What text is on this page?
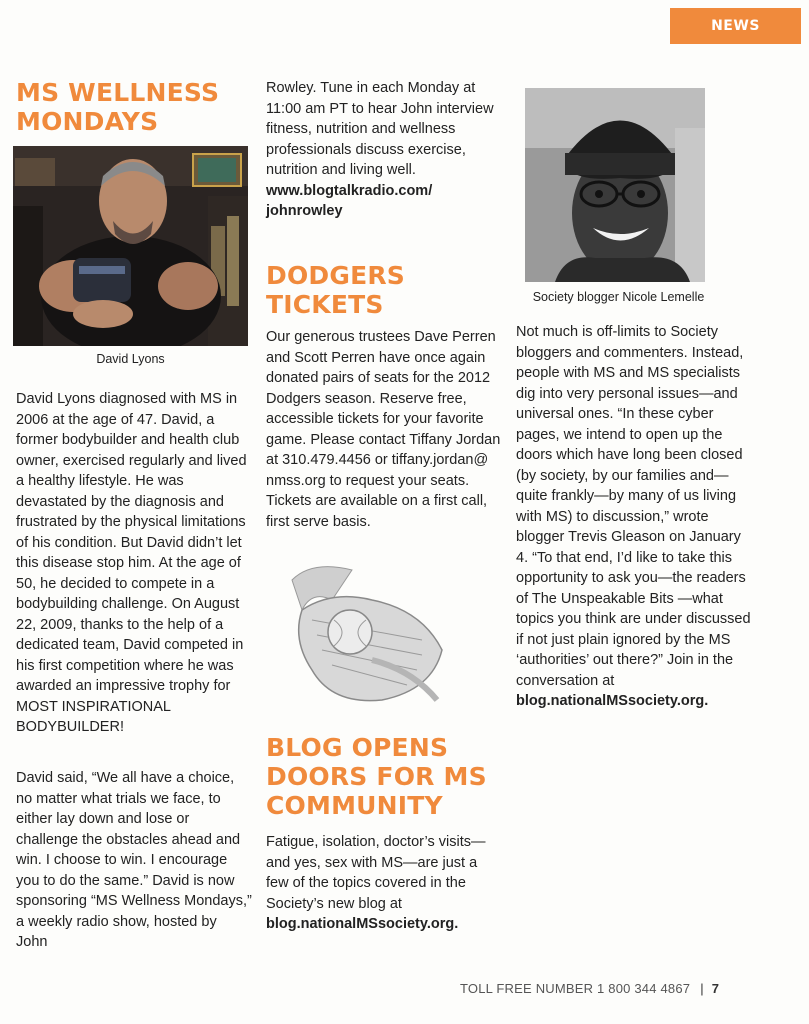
NEWS
MS WELLNESS
MONDAYS

David Lyons

David Lyons diagnosed with MS in 2006 at the age of 47. David, a former bodybuilder and health club owner, exercised regularly and lived a healthy lifestyle. He was devastated by the diagnosis and frustrated by the physical limitations of his condition. But David didn’t let this disease stop him. At the age of 50, he decided to compete in a bodybuilding challenge. On August 22, 2009, thanks to the help of a dedicated team, David competed in his first competition where he was awarded an impressive trophy for MOST INSPIRATIONAL BODYBUILDER!

David said, “We all have a choice, no matter what trials we face, to either lay down and lose or challenge the obstacles ahead and win. I choose to win. I encourage you to do the same.” David is now sponsoring “MS Wellness Mondays,” a weekly radio show, hosted by John

Rowley. Tune in each Monday at 11:00 am PT to hear John interview fitness, nutrition and wellness professionals discuss exercise, nutrition and living well. www.blogtalkradio.com/ johnrowley

DODGERS
TICKETS

Our generous trustees Dave Perren and Scott Perren have once again donated pairs of seats for the 2012 Dodgers season. Reserve free, accessible tickets for your favorite game. Please contact Tiffany Jordan at 310.479.4456 or tiffany.jordan@ nmss.org to request your seats. Tickets are available on a first call, first serve basis.

BLOG OPENS
DOORS FOR MS
COMMUNITY

Fatigue, isolation, doctor’s visits—and yes, sex with MS—are just a few of the topics covered in the Society’s new blog at blog.nationalMSsociety.org.

Society blogger Nicole Lemelle

Not much is off-limits to Society bloggers and commenters. Instead, people with MS and MS specialists dig into very personal issues—and universal ones. “In these cyber pages, we intend to open up the doors which have long been closed (by society, by our families and—quite frankly—by many of us living with MS) to discussion,” wrote blogger Trevis Gleason on January 4. “To that end, I’d like to take this opportunity to ask you—the readers of The Unspeakable Bits —what topics you think are under discussed if not just plain ignored by the MS ‘authorities’ out there?” Join in the conversation at blog.nationalMSsociety.org.

TOLL FREE NUMBER 1 800 344 4867 | 7
